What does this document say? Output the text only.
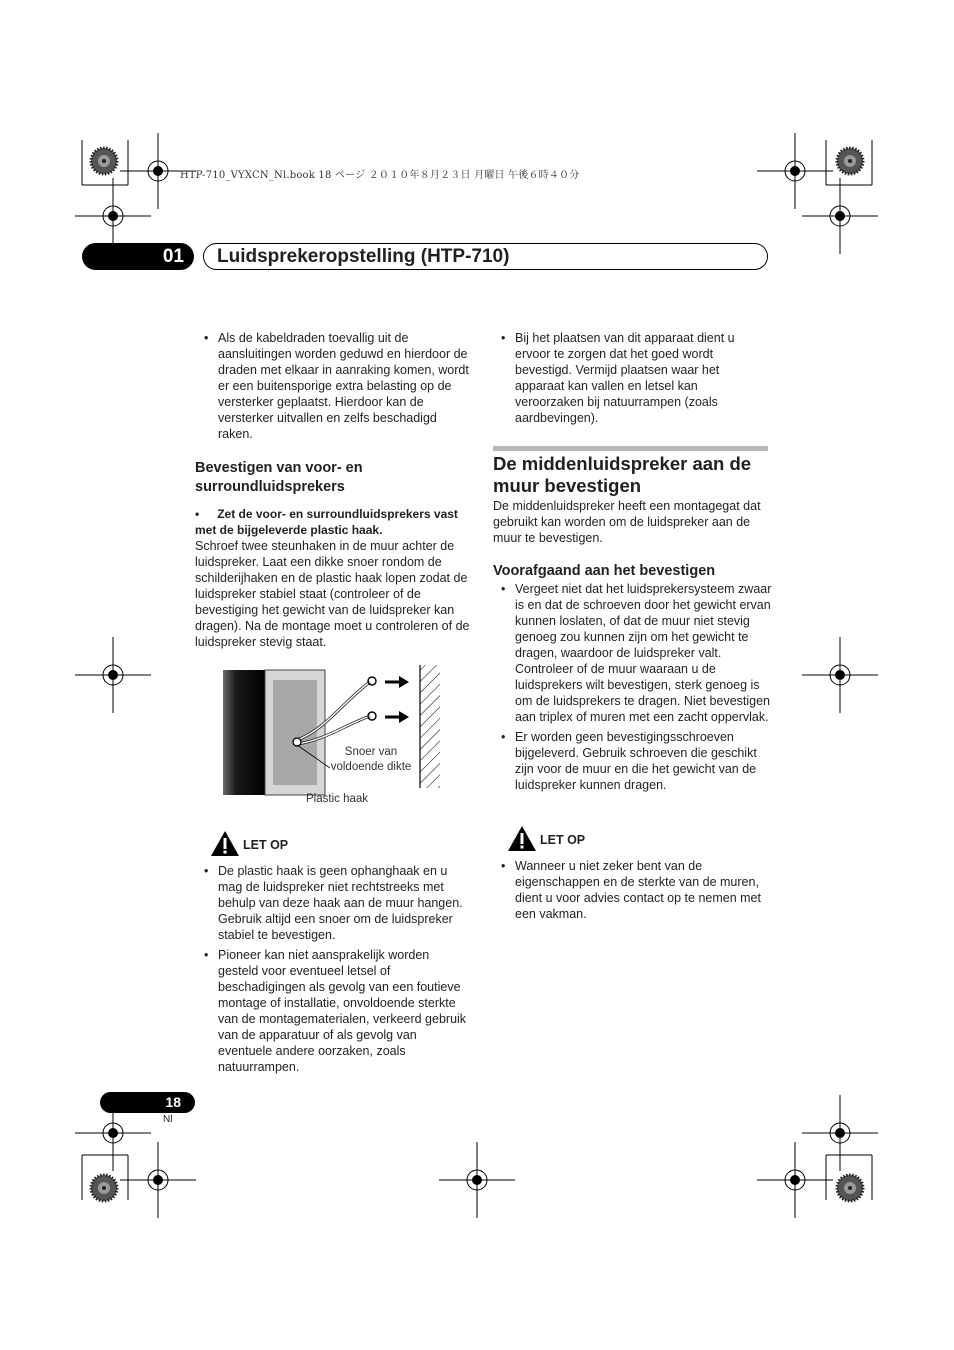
HTP-710_VYXCN_Nl.book 18 ページ ２０１０年８月２３日 月曜日 午後６時４０分
01	Luidsprekeropstelling (HTP-710)

• Als de kabeldraden toevallig uit de aansluitingen worden geduwd en hierdoor de draden met elkaar in aanraking komen, wordt er een buitensporige extra belasting op de versterker geplaatst. Hierdoor kan de versterker uitvallen en zelfs beschadigd raken.

Bevestigen van voor- en surroundluidsprekers
• Zet de voor- en surroundluidsprekers vast met de bijgeleverde plastic haak.

Schroef twee steunhaken in de muur achter de luidspreker. Laat een dikke snoer rondom de schilderijhaken en de plastic haak lopen zodat de luidspreker stabiel staat (controleer of de bevestiging het gewicht van de luidspreker kan dragen). Na de montage moet u controleren of de luidspreker stevig staat.

Snoer van voldoende dikte
Plastic haak
LET OP

• De plastic haak is geen ophanghaak en u mag de luidspreker niet rechtstreeks met behulp van deze haak aan de muur hangen. Gebruik altijd een snoer om de luidspreker stabiel te bevestigen.

• Pioneer kan niet aansprakelijk worden gesteld voor eventueel letsel of beschadigingen als gevolg van een foutieve montage of installatie, onvoldoende sterkte van de montagematerialen, verkeerd gebruik van de apparatuur of als gevolg van eventuele andere oorzaken, zoals natuurrampen.

• Bij het plaatsen van dit apparaat dient u ervoor te zorgen dat het goed wordt bevestigd. Vermijd plaatsen waar het apparaat kan vallen en letsel kan veroorzaken bij natuurrampen (zoals aardbevingen).

De middenluidspreker aan de muur bevestigen
De middenluidspreker heeft een montagegat dat gebruikt kan worden om de luidspreker aan de muur te bevestigen.
Voorafgaand aan het bevestigen

• Vergeet niet dat het luidsprekersysteem zwaar is en dat de schroeven door het gewicht ervan kunnen loslaten, of dat de muur niet stevig genoeg zou kunnen zijn om het gewicht te dragen, waardoor de luidspreker valt. Controleer of de muur waaraan u de luidsprekers wilt bevestigen, sterk genoeg is om de luidsprekers te dragen. Niet bevestigen aan triplex of muren met een zacht oppervlak.

• Er worden geen bevestigingsschroeven bijgeleverd. Gebruik schroeven die geschikt zijn voor de muur en die het gewicht van de luidspreker kunnen dragen.

LET OP

• Wanneer u niet zeker bent van de eigenschappen en de sterkte van de muren, dient u voor advies contact op te nemen met een vakman.

18
Nl
